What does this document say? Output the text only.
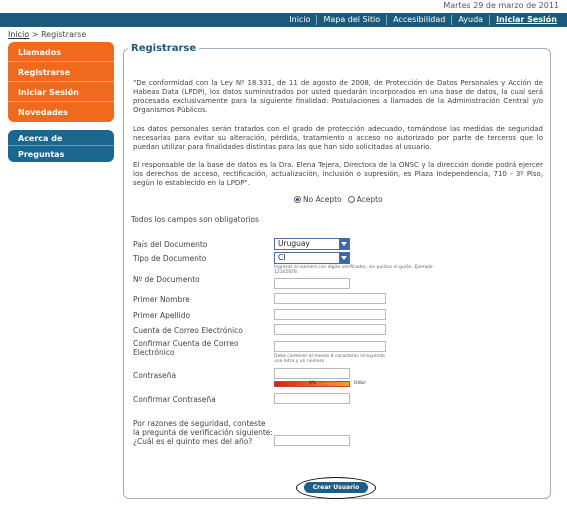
Martes 29 de marzo de 2011
Inicio	Mapa del Sitio	Accesibilidad	Ayuda	Iniciar Sesión
Inicio > Registrarse
Llamados
Registrarse
Iniciar Sesión
Novedades
Acerca de
Preguntas Frecuentes
Registrarse
"De conformidad con la Ley Nº 18.331, de 11 de agosto de 2008, de Protección de Datos Personales y Acción de Habeas Data (LPDP), los datos suministrados por usted quedarán incorporados en una base de datos, la cual será procesada exclusivamente para la siguiente finalidad: Postulaciones a llamados de la Administración Central y/o Organismos Públicos.
Los datos personales serán tratados con el grado de protección adecuado, tomándose las medidas de seguridad necesarias para evitar su alteración, pérdida, tratamiento o acceso no autorizado por parte de terceros que lo puedan utilizar para finalidades distintas para las que han sido solicitadas al usuario.
El responsable de la base de datos es la Dra. Elena Tejera, Directora de la ONSC y la dirección donde podrá ejercer los derechos de acceso, rectificación, actualización, inclusión o supresión, es Plaza Independencia, 710 - 3º Piso, según lo establecido en la LPDP".
No Acepto Acepto
Todos los campos son obligatorios
País del Documento	Uruguay
Tipo de Documento	CI
Ingresar el número con dígito verificador, sin puntos ni guión. Ejemplo: 12345678
Nº de Documento
Primer Nombre
Primer Apellido
Cuenta de Correo Electrónico
Confirmar Cuenta de Correo Electrónico	Debe contener al menos 8 caracteres incluyendo una letra y un número
Contraseña
0%	Débil
Confirmar Contraseña
Por razones de seguridad, conteste la pregunta de verificación siguiente: ¿Cuál es el quinto mes del año?
Crear Usuario
